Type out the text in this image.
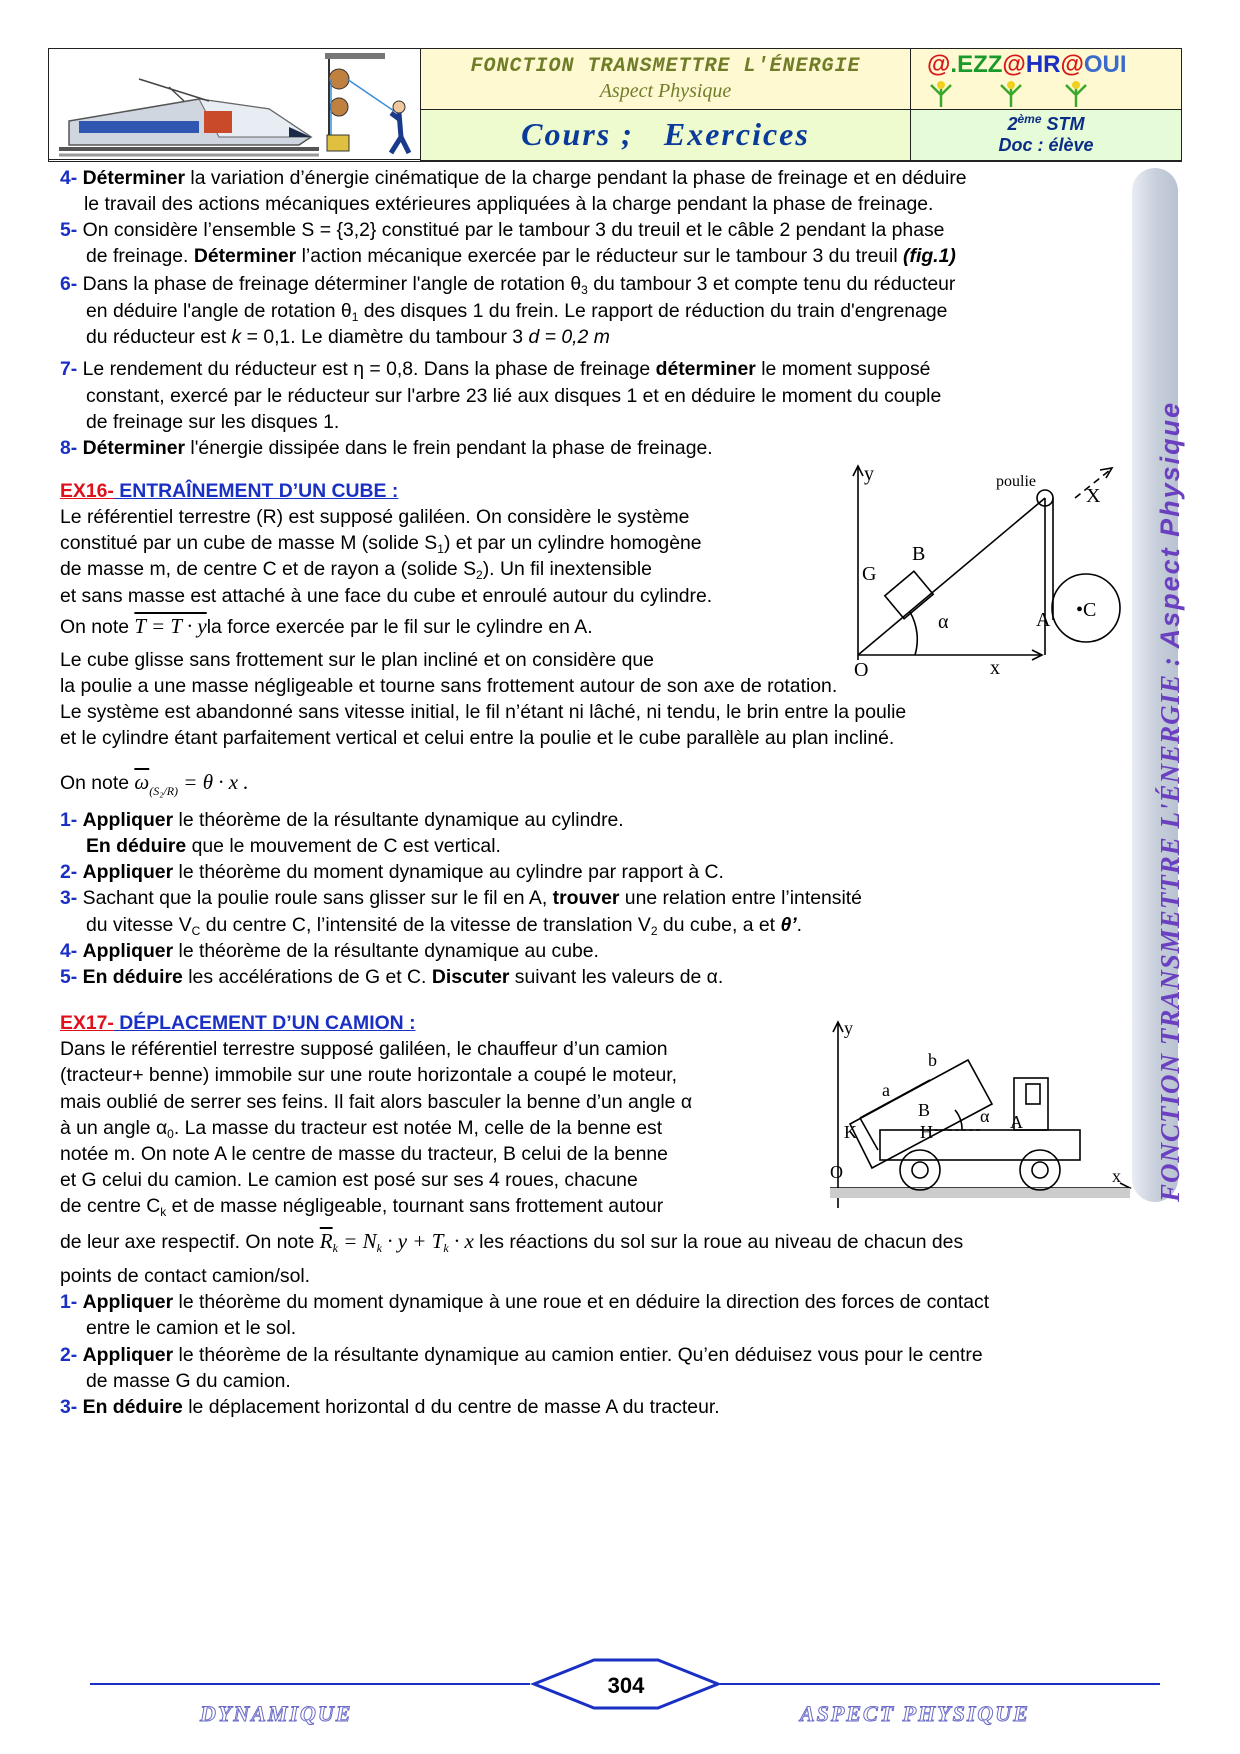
FONCTION TRANSMETTRE L'ÉNERGIE
Aspect Physique
@.EZZ@HR@OUI
Cours ;   Exercices	2ème STM
Doc : élève
FONCTION TRANSMETTRE L'ÉNERGIE : Aspect Physique
4- Déterminer la variation d’énergie cinématique de la charge pendant la phase de freinage et en déduire
le travail des actions mécaniques extérieures appliquées à la charge pendant la phase de freinage.
5- On considère l’ensemble S = {3,2} constitué par le tambour 3 du treuil et le câble 2 pendant la phase
de freinage. Déterminer l’action mécanique exercée par le réducteur sur le tambour 3 du treuil (fig.1)
6- Dans la phase de freinage déterminer l'angle de rotation $\theta_3$ du tambour 3 et compte tenu du réducteur
en déduire l'angle de rotation $\theta_1$ des disques 1 du frein. Le rapport de réduction du train d'engrenage
du réducteur est k = 0,1. Le diamètre du tambour 3 d = 0,2 m
7- Le rendement du réducteur est η = 0,8. Dans la phase de freinage déterminer le moment supposé
constant, exercé par le réducteur sur l'arbre 23 lié aux disques 1 et en déduire le moment du couple
de freinage sur les disques 1.
8- Déterminer l'énergie dissipée dans le frein pendant la phase de freinage.
EX16- ENTRAÎNEMENT D’UN CUBE :
Le référentiel terrestre (R) est supposé galiléen. On considère le système
constitué par un cube de masse M (solide $S_1$) et par un cylindre homogène
de masse m, de centre C et de rayon a (solide $S_2$). Un fil inextensible
et sans masse est attaché à une face du cube et enroulé autour du cylindre.
On note T = T · yla force exercée par le fil sur le cylindre en A.
Le cube glisse sans frottement sur le plan incliné et on considère que
la poulie a une masse négligeable et tourne sans frottement autour de son axe de rotation.
Le système est abandonné sans vitesse initial, le fil n’étant ni lâché, ni tendu, le brin entre la poulie
et le cylindre étant parfaitement vertical et celui entre la poulie et le cube parallèle au plan incliné.
On note $\overline{\omega}_{(S_2/R)} = \theta \cdot x$ .
1- Appliquer le théorème de la résultante dynamique au cylindre.
En déduire que le mouvement de C est vertical.
2- Appliquer le théorème du moment dynamique au cylindre par rapport à C.
3- Sachant que la poulie roule sans glisser sur le fil en A, trouver une relation entre l’intensité
du vitesse $V_C$ du centre C, l’intensité de la vitesse de translation $V_2$ du cube, a et θ’.
4- Appliquer le théorème de la résultante dynamique au cube.
5- En déduire les accélérations de G et C. Discuter suivant les valeurs de α.
y
O	x
poulie
X
G
B
α	A •C
EX17- DÉPLACEMENT D’UN CAMION :
Dans le référentiel terrestre supposé galiléen, le chauffeur d’un camion
(tracteur+ benne) immobile sur une route horizontale a coupé le moteur,
mais oublié de serrer ses feins. Il fait alors basculer la benne d’un angle α
à un angle $\alpha_0$. La masse du tracteur est notée M, celle de la benne est
notée m. On note A le centre de masse du tracteur, B celui de la benne
et G celui du camion. Le camion est posé sur ses 4 roues, chacune
de centre $C_k$ et de masse négligeable, tournant sans frottement autour
de leur axe respectif. On note $\overline{R}_k = N_k \cdot y + T_k \cdot x$ les réactions du sol sur la roue au niveau de chacun des
points de contact camion/sol.
1- Appliquer le théorème du moment dynamique à une roue et en déduire la direction des forces de contact
entre le camion et le sol.
2- Appliquer le théorème de la résultante dynamique au camion entier. Qu’en déduisez vous pour le centre
de masse G du camion.
3- En déduire le déplacement horizontal d du centre de masse A du tracteur.
y
O	x
a
b
B
H
K
α A
304
DYNAMIQUE	ASPECT PHYSIQUE
